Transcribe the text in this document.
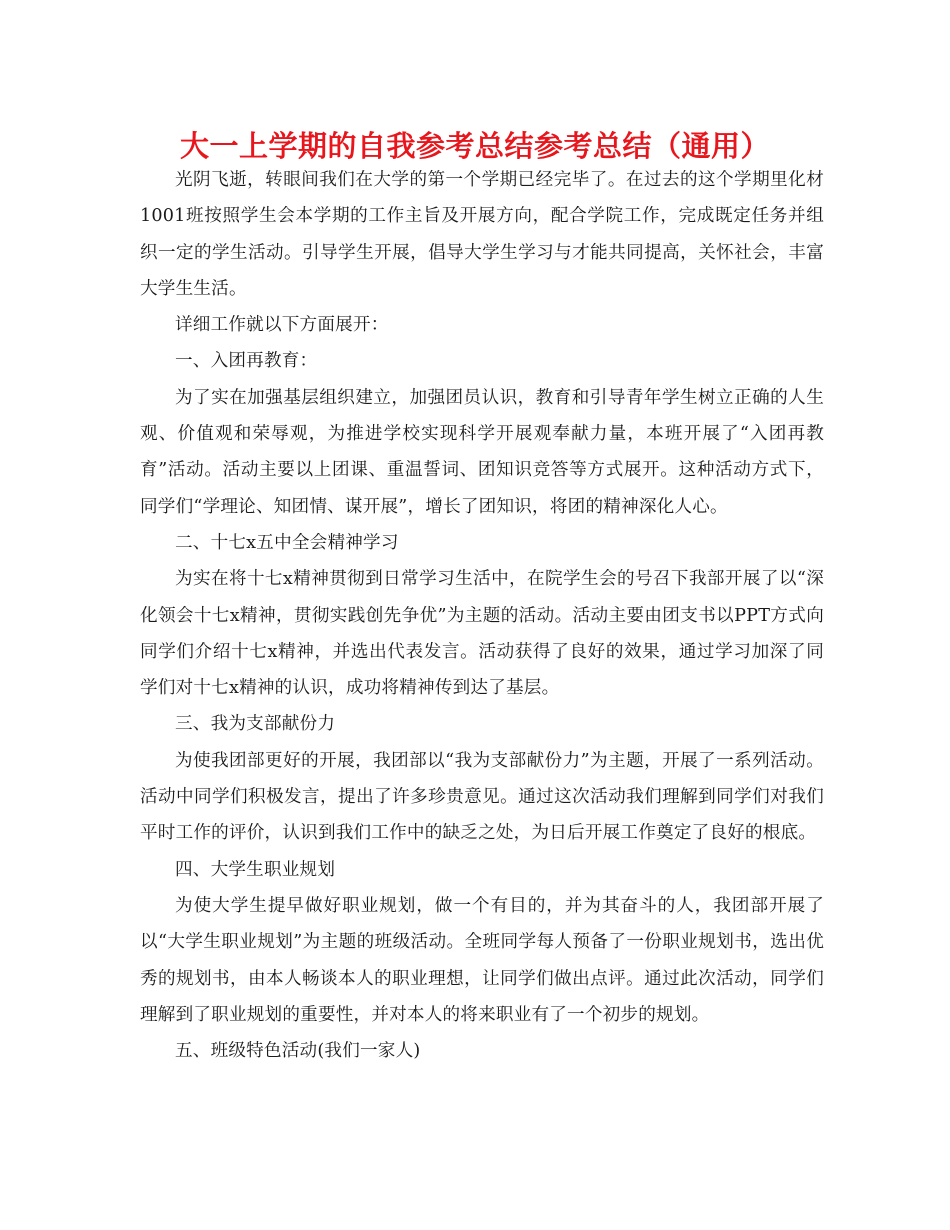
大一上学期的自我参考总结参考总结（通用）

光阴飞逝，转眼间我们在大学的第一个学期已经完毕了。在过去的这个学期里化材1001班按照学生会本学期的工作主旨及开展方向，配合学院工作，完成既定任务并组织一定的学生活动。引导学生开展，倡导大学生学习与才能共同提高，关怀社会，丰富大学生生活。

详细工作就以下方面展开：

一、入团再教育：

为了实在加强基层组织建立，加强团员认识，教育和引导青年学生树立正确的人生观、价值观和荣辱观，为推进学校实现科学开展观奉献力量，本班开展了“入团再教育”活动。活动主要以上团课、重温誓词、团知识竞答等方式展开。这种活动方式下，同学们“学理论、知团情、谋开展”，增长了团知识，将团的精神深化人心。

二、十七x五中全会精神学习

为实在将十七x精神贯彻到日常学习生活中，在院学生会的号召下我部开展了以“深化领会十七x精神，贯彻实践创先争优”为主题的活动。活动主要由团支书以PPT方式向同学们介绍十七x精神，并选出代表发言。活动获得了良好的效果，通过学习加深了同学们对十七x精神的认识，成功将精神传到达了基层。

三、我为支部献份力

为使我团部更好的开展，我团部以“我为支部献份力”为主题，开展了一系列活动。活动中同学们积极发言，提出了许多珍贵意见。通过这次活动我们理解到同学们对我们平时工作的评价，认识到我们工作中的缺乏之处，为日后开展工作奠定了良好的根底。

四、大学生职业规划

为使大学生提早做好职业规划，做一个有目的，并为其奋斗的人，我团部开展了以“大学生职业规划”为主题的班级活动。全班同学每人预备了一份职业规划书，选出优秀的规划书，由本人畅谈本人的职业理想，让同学们做出点评。通过此次活动，同学们理解到了职业规划的重要性，并对本人的将来职业有了一个初步的规划。

五、班级特色活动(我们一家人)
